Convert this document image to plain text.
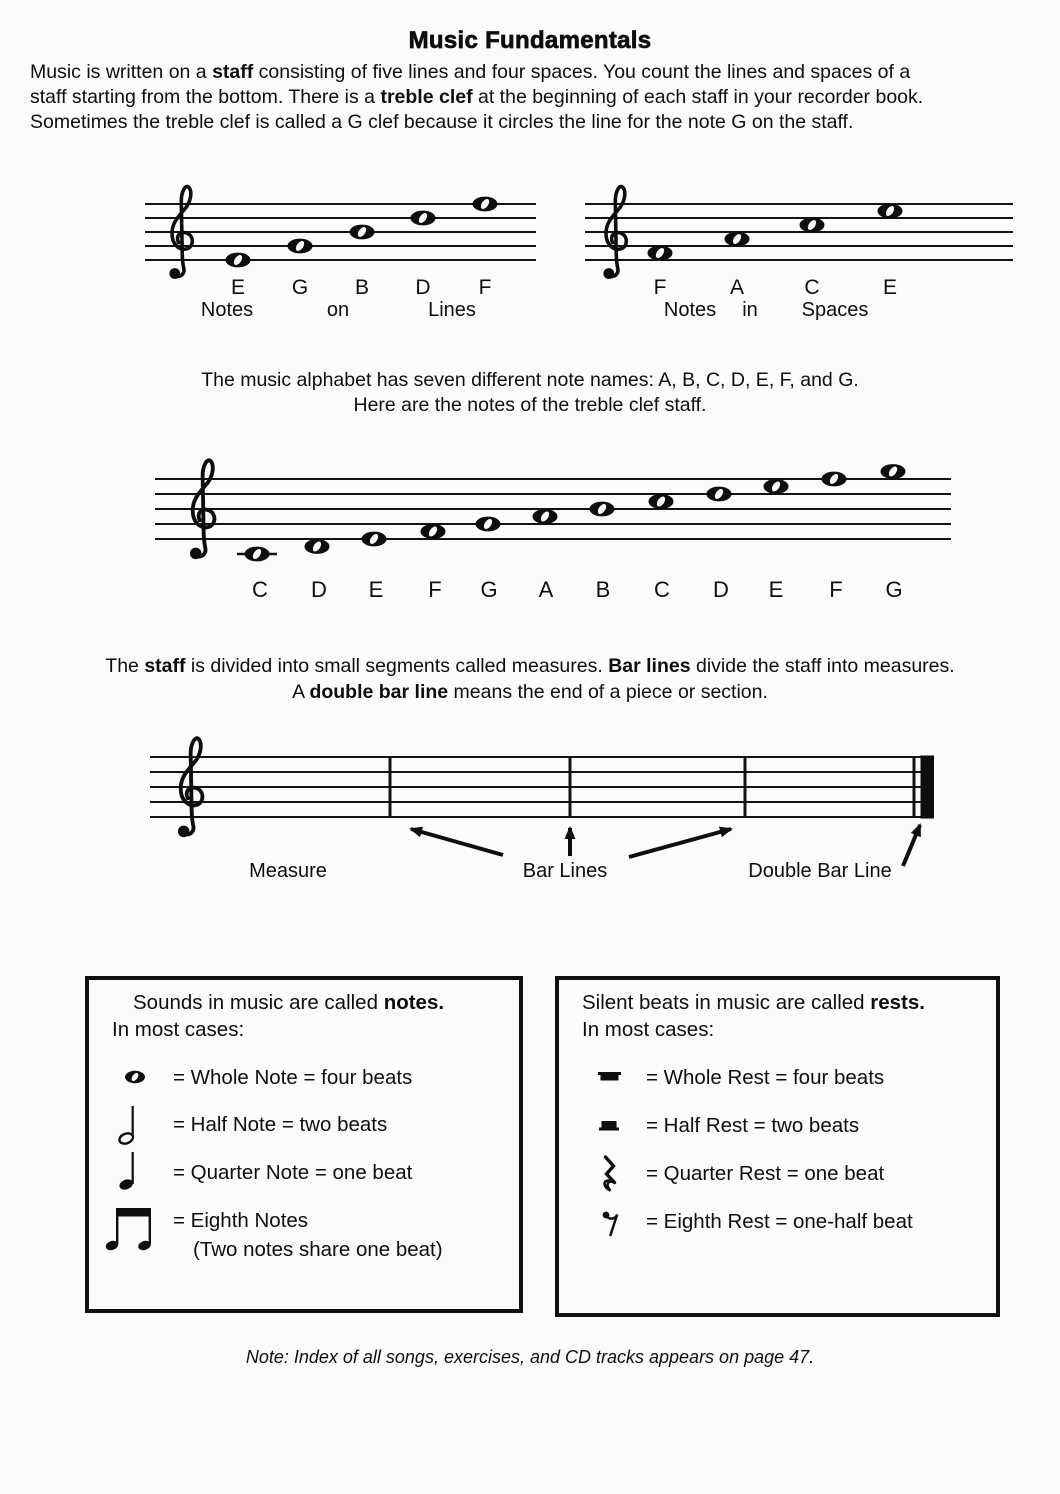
Music Fundamentals
Music is written on a staff consisting of five lines and four spaces. You count the lines and spaces of a
staff starting from the bottom. There is a treble clef at the beginning of each staff in your recorder book.
Sometimes the treble clef is called a G clef because it circles the line for the note G on the staff.
E G B D F
Notes	on	Lines
F	A	C	E
Notes in Spaces
The music alphabet has seven different note names: A, B, C, D, E, F, and G.
Here are the notes of the treble clef staff.
C D E F G A B C D E F G
The staff is divided into small segments called measures. Bar lines divide the staff into measures.
A double bar line means the end of a piece or section.
Measure	Bar Lines	Double Bar Line
Sounds in music are called notes.
In most cases:
= Whole Note = four beats
= Half Note = two beats
= Quarter Note = one beat
= Eighth Notes
(Two notes share one beat)
Silent beats in music are called rests.
In most cases:
= Whole Rest = four beats
= Half Rest = two beats
= Quarter Rest = one beat
= Eighth Rest = one-half beat
Note: Index of all songs, exercises, and CD tracks appears on page 47.
